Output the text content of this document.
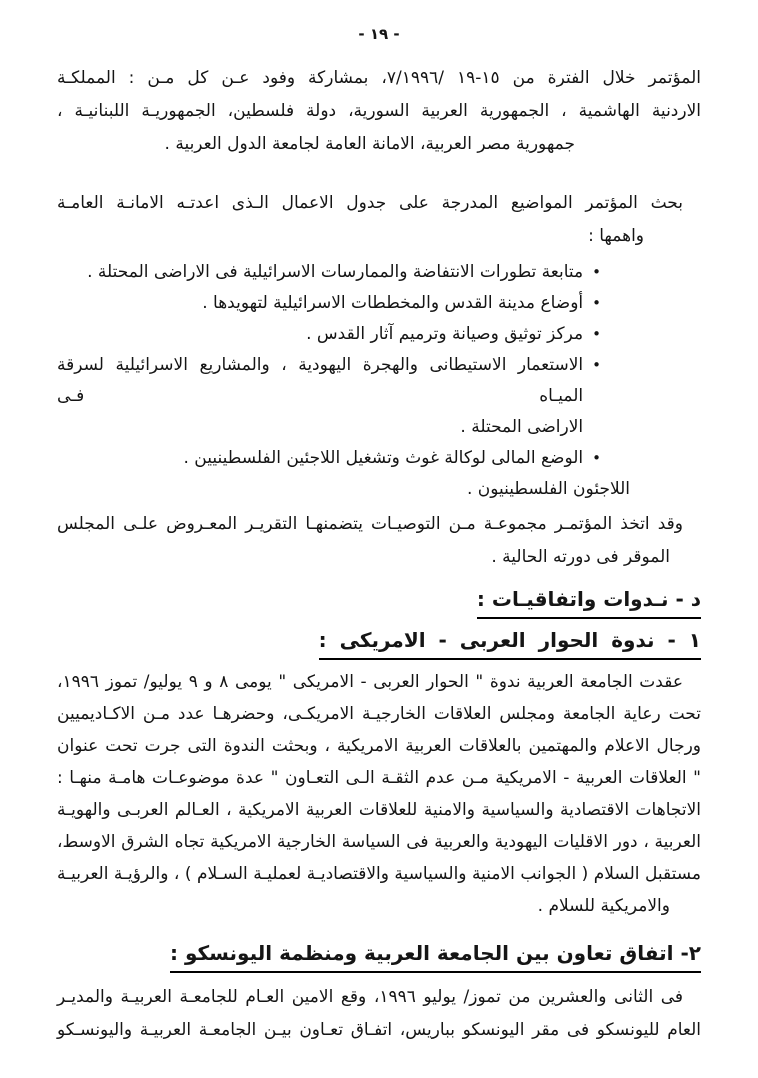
- ١٩ -
المؤتمر خلال الفترة من ١٥-١٩ /٧/١٩٩٦، بمشاركة وفود عـن كل مـن : المملكـة
الاردنية الهاشمية ، الجمهورية العربية السورية، دولة فلسطين، الجمهوريـة اللبنانيـة ،
جمهورية مصر العربية، الامانة العامة لجامعة الدول العربية .
بحث المؤتمر المواضيع المدرجة على جدول الاعمال الـذى اعدتـه الامانـة العامـة
واهمها :
•
متابعة تطورات الانتفاضة والممارسات الاسرائيلية فى الاراضى المحتلة .
•
أوضاع مدينة القدس والمخططات الاسرائيلية لتهويدها .
•
مركز توثيق وصيانة وترميم آثار القدس .
•
الاستعمار الاستيطانى والهجرة اليهودية ، والمشاريع الاسرائيلية لسرقة الميـاه فـى
الاراضى المحتلة .
•
الوضع المالى لوكالة غوث وتشغيل اللاجئين الفلسطينيين .
اللاجئون الفلسطينيون .
وقد اتخذ المؤتمـر مجموعـة مـن التوصيـات يتضمنهـا التقريـر المعـروض علـى المجلس
الموقر فى دورته الحالية .
د - نـدوات واتفاقيـات :
١ - ندوة الحوار العربى - الامريكى :
عقدت الجامعة العربية ندوة " الحوار العربى - الامريكى " يومى ٨ و ٩ يوليو/ تموز ١٩٩٦،
تحت رعاية الجامعة ومجلس العلاقات الخارجيـة الامريكـى، وحضرهـا عدد مـن الاكـاديميين
ورجال الاعلام والمهتمين بالعلاقات العربية الامريكية ، وبحثت الندوة التى جرت تحت عنوان
" العلاقات العربية - الامريكية مـن عدم الثقـة الـى التعـاون " عدة موضوعـات هامـة منهـا :
الاتجاهات الاقتصادية والسياسية والامنية للعلاقات العربية الامريكية ، العـالم العربـى والهويـة
العربية ، دور الاقليات اليهودية والعربية فى السياسة الخارجية الامريكية تجاه الشرق الاوسط،
مستقبل السلام ( الجوانب الامنية والسياسية والاقتصاديـة لعمليـة السـلام ) ، والرؤيـة العربيـة
والامريكية للسلام .
٢- اتفاق تعاون بين الجامعة العربية ومنظمة اليونسكو :
فى الثانى والعشرين من تموز/ يوليو ١٩٩٦، وقع الامين العـام للجامعـة العربيـة والمديـر
العام لليونسكو فى مقر اليونسكو بباريس، اتفـاق تعـاون بيـن الجامعـة العربيـة واليونسـكو
